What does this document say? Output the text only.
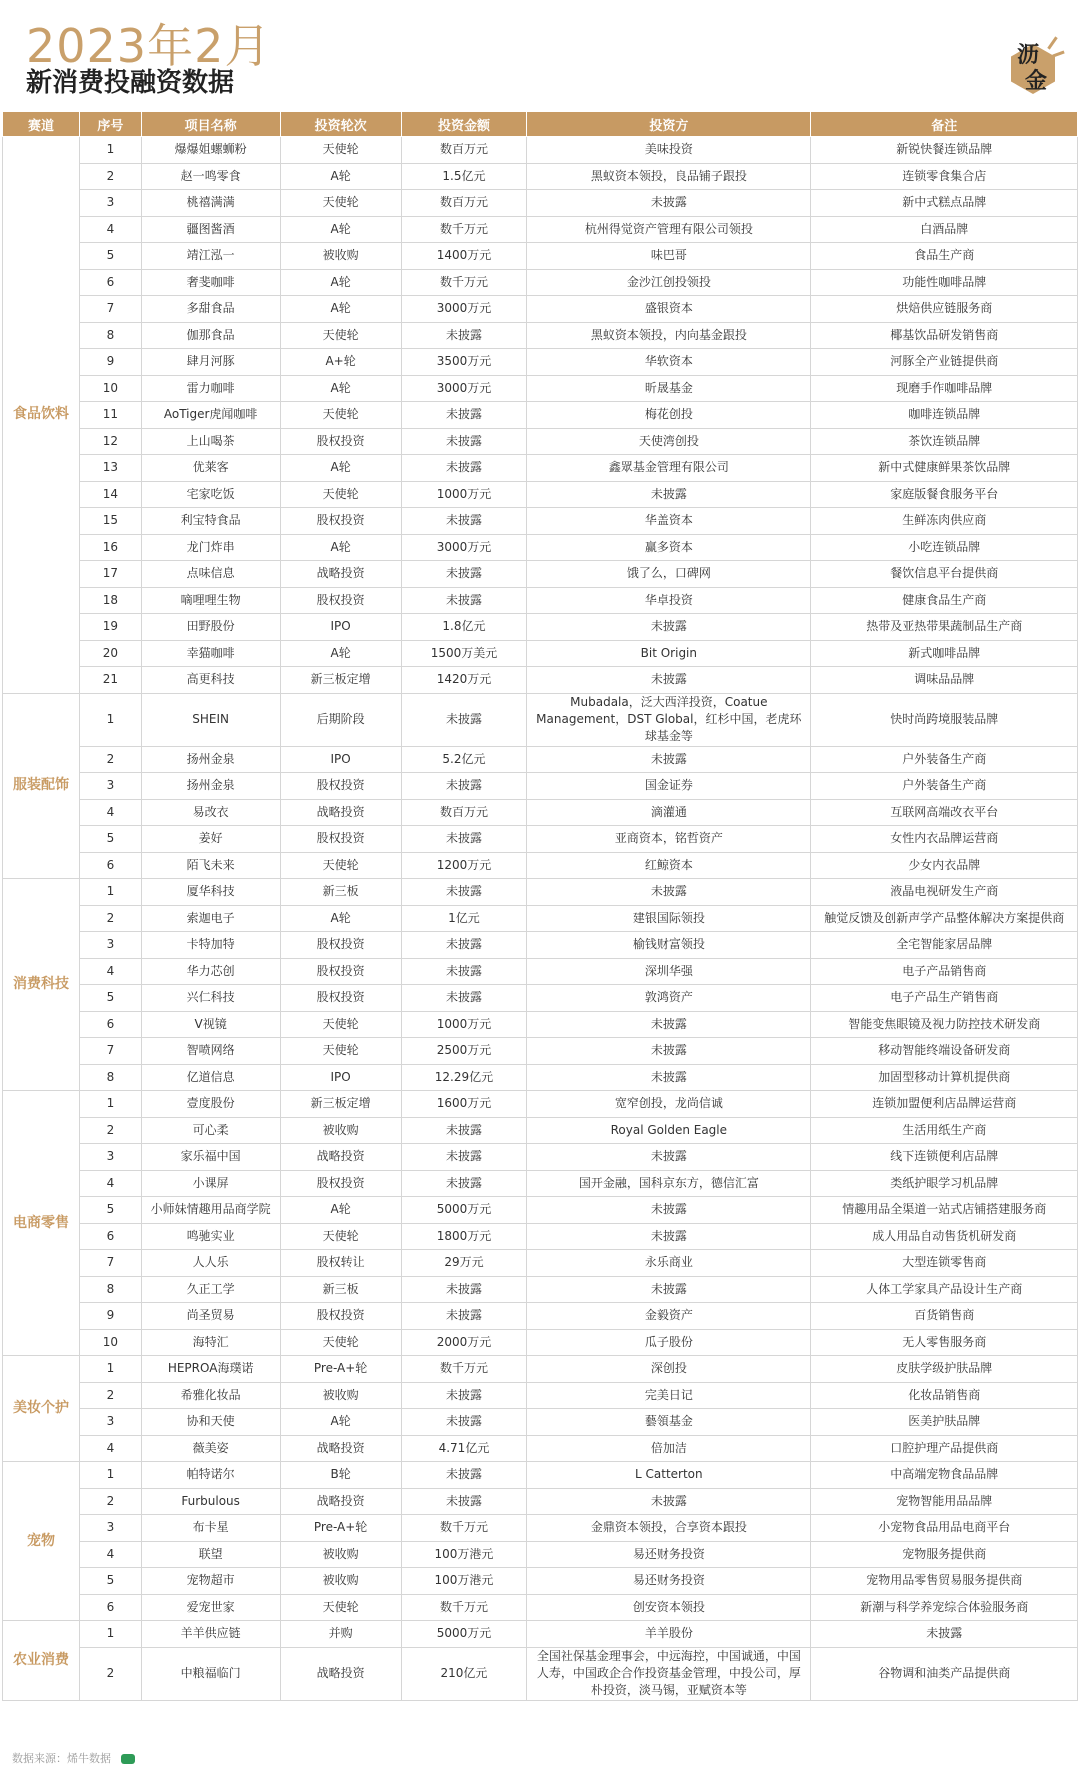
2023年2月
新消费投融资数据
沥
金
赛道	序号	项目名称	投资轮次	投资金额	投资方	备注
食品饮料	1	爆爆姐螺蛳粉	天使轮	数百万元	美味投资	新锐快餐连锁品牌
	2	赵一鸣零食	A轮	1.5亿元	黑蚁资本领投，良品铺子跟投	连锁零食集合店
	3	桃禧满满	天使轮	数百万元	未披露	新中式糕点品牌
	4	疆图酱酒	A轮	数千万元	杭州得觉资产管理有限公司领投	白酒品牌
	5	靖江泓一	被收购	1400万元	味巴哥	食品生产商
	6	奢斐咖啡	A轮	数千万元	金沙江创投领投	功能性咖啡品牌
	7	多甜食品	A轮	3000万元	盛银资本	烘焙供应链服务商
	8	伽那食品	天使轮	未披露	黑蚁资本领投，内向基金跟投	椰基饮品研发销售商
	9	肆月河豚	A+轮	3500万元	华软资本	河豚全产业链提供商
	10	雷力咖啡	A轮	3000万元	昕晟基金	现磨手作咖啡品牌
	11	AoTiger虎闻咖啡	天使轮	未披露	梅花创投	咖啡连锁品牌
	12	上山喝茶	股权投资	未披露	天使湾创投	茶饮连锁品牌
	13	优莱客	A轮	未披露	鑫眾基金管理有限公司	新中式健康鲜果茶饮品牌
	14	宅家吃饭	天使轮	1000万元	未披露	家庭版餐食服务平台
	15	利宝特食品	股权投资	未披露	华盖资本	生鲜冻肉供应商
	16	龙门炸串	A轮	3000万元	赢多资本	小吃连锁品牌
	17	点味信息	战略投资	未披露	饿了么，口碑网	餐饮信息平台提供商
	18	嘀哩哩生物	股权投资	未披露	华卓投资	健康食品生产商
	19	田野股份	IPO	1.8亿元	未披露	热带及亚热带果蔬制品生产商
	20	幸猫咖啡	A轮	1500万美元	Bit Origin	新式咖啡品牌
	21	高更科技	新三板定增	1420万元	未披露	调味品品牌
服装配饰	1	SHEIN	后期阶段	未披露	Mubadala，泛大西洋投资，Coatue Management，DST Global，红杉中国，老虎环球基金等	快时尚跨境服装品牌
	2	扬州金泉	IPO	5.2亿元	未披露	户外装备生产商
	3	扬州金泉	股权投资	未披露	国金证券	户外装备生产商
	4	易改衣	战略投资	数百万元	滴灌通	互联网高端改衣平台
	5	姜好	股权投资	未披露	亚商资本，铭哲资产	女性内衣品牌运营商
	6	陌飞未来	天使轮	1200万元	红鲸资本	少女内衣品牌
消费科技	1	厦华科技	新三板	未披露	未披露	液晶电视研发生产商
	2	索迦电子	A轮	1亿元	建银国际领投	触觉反馈及创新声学产品整体解决方案提供商
	3	卡特加特	股权投资	未披露	榆钱财富领投	全宅智能家居品牌
	4	华力芯创	股权投资	未披露	深圳华强	电子产品销售商
	5	兴仁科技	股权投资	未披露	敦鸿资产	电子产品生产销售商
	6	V视镜	天使轮	1000万元	未披露	智能变焦眼镜及视力防控技术研发商
	7	智喷网络	天使轮	2500万元	未披露	移动智能终端设备研发商
	8	亿道信息	IPO	12.29亿元	未披露	加固型移动计算机提供商
电商零售	1	壹度股份	新三板定增	1600万元	宽窄创投，龙尚信诚	连锁加盟便利店品牌运营商
	2	可心柔	被收购	未披露	Royal Golden Eagle	生活用纸生产商
	3	家乐福中国	战略投资	未披露	未披露	线下连锁便利店品牌
	4	小课屏	股权投资	未披露	国开金融，国科京东方，德信汇富	类纸护眼学习机品牌
	5	小师妹情趣用品商学院	A轮	5000万元	未披露	情趣用品全渠道一站式店铺搭建服务商
	6	鸣驰实业	天使轮	1800万元	未披露	成人用品自动售货机研发商
	7	人人乐	股权转让	29万元	永乐商业	大型连锁零售商
	8	久正工学	新三板	未披露	未披露	人体工学家具产品设计生产商
	9	尚圣贸易	股权投资	未披露	金毅资产	百货销售商
	10	海特汇	天使轮	2000万元	瓜子股份	无人零售服务商
美妆个护	1	HEPROA海璞诺	Pre-A+轮	数千万元	深创投	皮肤学级护肤品牌
	2	希雅化妆品	被收购	未披露	完美日记	化妆品销售商
	3	协和天使	A轮	未披露	藝領基金	医美护肤品牌
	4	薇美姿	战略投资	4.71亿元	倍加洁	口腔护理产品提供商
宠物	1	帕特诺尔	B轮	未披露	L Catterton	中高端宠物食品品牌
	2	Furbulous	战略投资	未披露	未披露	宠物智能用品品牌
	3	布卡星	Pre-A+轮	数千万元	金鼎资本领投，合享资本跟投	小宠物食品用品电商平台
	4	联望	被收购	100万港元	易还财务投资	宠物服务提供商
	5	宠物超市	被收购	100万港元	易还财务投资	宠物用品零售贸易服务提供商
	6	爱宠世家	天使轮	数千万元	创安资本领投	新潮与科学养宠综合体验服务商
农业消费	1	羊羊供应链	并购	5000万元	羊羊股份	未披露
	2	中粮福临门	战略投资	210亿元	全国社保基金理事会，中远海控，中国诚通，中国人寿，中国政企合作投资基金管理，中投公司，厚朴投资，淡马锡，亚赋资本等	谷物调和油类产品提供商
数据来源：烯牛数据
